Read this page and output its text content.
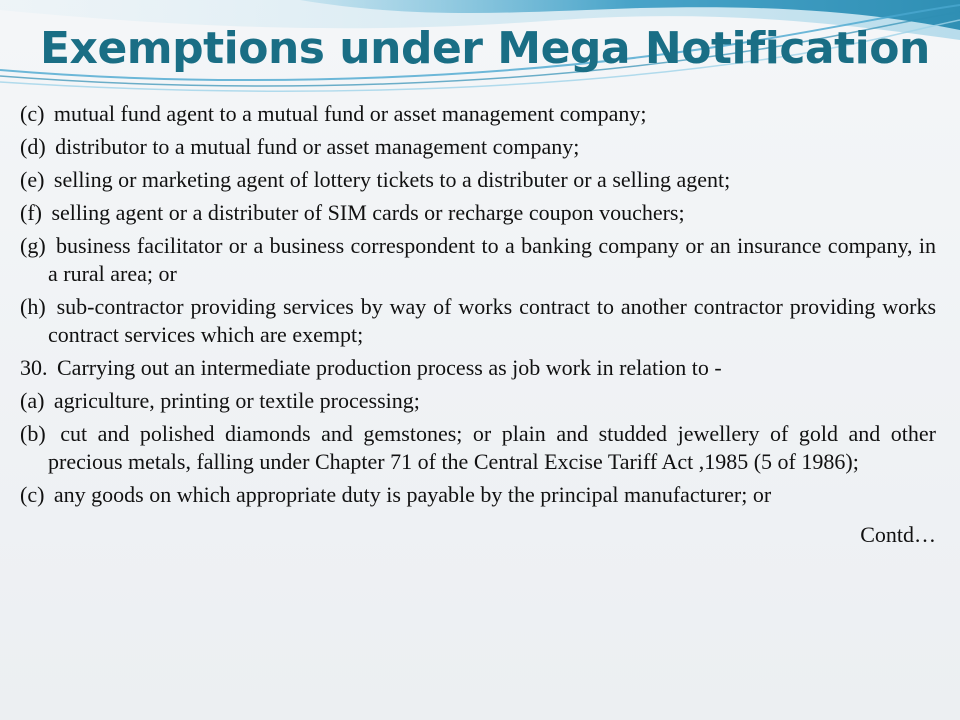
Exemptions under Mega Notification

(c) mutual fund agent to a mutual fund or asset management company;

(d) distributor to a mutual fund or asset management company;

(e) selling or marketing agent of lottery tickets to a distributer or a selling agent;

(f) selling agent or a distributer of SIM cards or recharge coupon vouchers;

(g) business facilitator or a business correspondent to a banking company or an insurance company, in a rural area; or

(h) sub-contractor providing services by way of works contract to another contractor providing works contract services which are exempt;

30. Carrying out an intermediate production process as job work in relation to -

(a) agriculture, printing or textile processing;

(b) cut and polished diamonds and gemstones; or plain and studded jewellery of gold and other precious metals, falling under Chapter 71 of the Central Excise Tariff Act ,1985 (5 of 1986);

(c) any goods on which appropriate duty is payable by the principal manufacturer; or

Contd…
